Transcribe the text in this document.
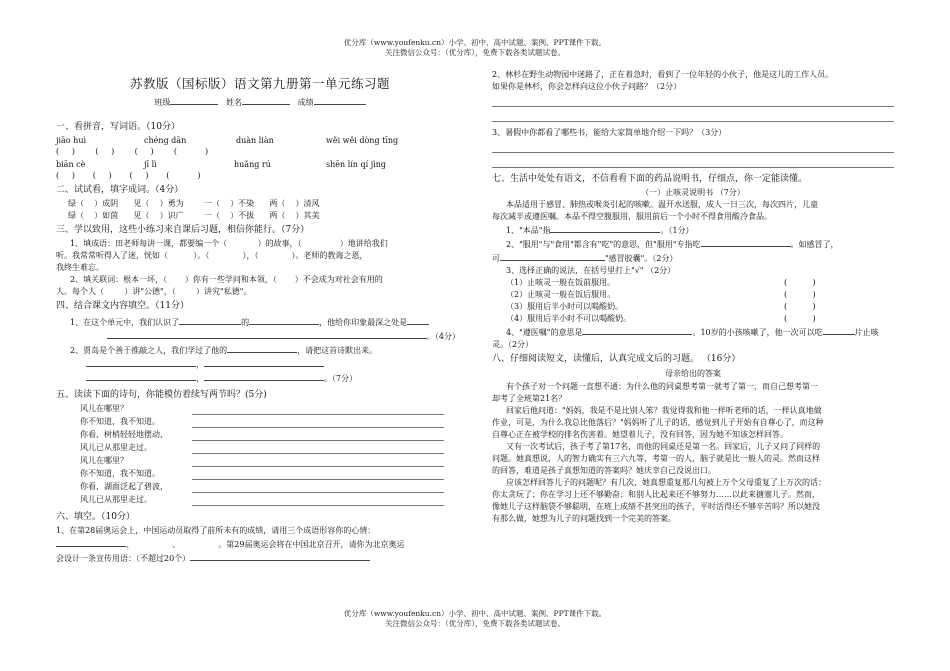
优分库（www.youfenku.cn）小学、初中、高中试题、案例、PPT课件下载。
关注微信公众号：（优分库），免费下载各类试题试卷。
苏教版（国标版）语文第九册第一单元练习题
班级	姓名	成绩
一、看拼音，写词语。（10分）
jiāo huì	chéng dān	duàn liàn	wěi wěi dòng tīng
(     )        (     )        (     )        (           )
biān cè	jī lì	huǎng rú	shēn lín qí jìng
(     )       (     )       (     )       (           )
二、试试看，填字成词。（4分）
绿（    ）成阴      见（    ）勇为        一（    ）不染      两（    ）清风
绿（    ）如茵      见（    ）识广        一（    ）不拔      两（    ）其美
三、学以致用，这些小练习来自课后习题，相信你能行。（7分）
1、填成语：田老师每讲一课，都要编一个（            ）的故事，（               ）地讲给我们
听。我常常听得入了迷，恍如（          ）。（             ），（             ）。老师的教诲之恩，
我终生难忘。
2、填关联词：根本一坏，（       ）你有一些学问和本领，（       ）不会成为对社会有用的
人。每个人（        ）讲"公德"，（        ）讲究"私德"。
四、结合课文内容填空。（11分）
1、在这个单元中，我们认识了	的	，他给你印象最深之处是
。（4分）
2、贾岛是个善于推敲之人，我们学过了他的	，请把这首诗默出来。
，
，	。（7分）
五、读读下面的诗句，你能模仿着续写两节吗？(5分)
风儿在哪里？
你不知道，我不知道。
你看，树梢轻轻地摆动，
风儿已从那里走过。
风儿在哪里？
你不知道，我不知道。
你看，湖面泛起了碧波，
风儿已从那里走过。
六、填空。（10分）
1、在第28届奥运会上，中国运动员取得了前所未有的成绩，请用三个成语形容你的心情：
、               、               。第29届奥运会将在中国北京召开，请你为北京奥运
会设计一条宣传用语：（不超过20个）
2、林杉在野生动物园中迷路了，正在着急时，看到了一位年轻的小伙子，他是这儿的工作人员。
如果你是林杉，你会怎样向这位小伙子问路？（2分）
3、暑假中你都看了哪些书，能给大家简单地介绍一下吗？（3分）
七、生活中处处有语文，不信看看下面的药品说明书，仔细点，你一定能读懂。
（一）止咳灵说明书 （7分）
本品适用于感冒、肺热或喉炎引起的咳嗽。温开水送服，成人一日三次，每次四片，儿童
每次减半或遵医嘱。本品不得空腹服用，服用前后一个小时不得食用酸冷食品。
1、"本品"指	。（1分）
2、"服用"与"食用"都含有"吃"的意思，但"服用"专指吃	。如感冒了，
可	"感冒胶囊"。（2分）
3、选择正确的说法，在括号里打上"√" （2分）
（1）止咳灵一般在饭前服用。	(          )
（2）止咳灵一般在饭后服用。	(          )
（3）服用后半小时可以喝酸奶。	(          )
（4）服用后半小时不可以喝酸奶。	(          )
4、"遵医嘱"的意思是	。10岁的小孩咳嗽了，他一次可以吃	片止咳
灵。（2分）
八、仔细阅读短文，读懂后，认真完成文后的习题。 （16分）
母亲给出的答案
有个孩子对一个问题一直想不通：为什么他的同桌想考第一就考了第一，而自己想考第一
却考了全班第21名？
回家后他问道："妈妈，我是不是比别人笨？我觉得我和他一样听老师的话，一样认真地做
作业，可是，为什么我总比他落后？"妈妈听了儿子的话，感觉到儿子开始有自尊心了，而这种
自尊心正在被学校的排名伤害着。她望着儿子，没有回答，因为她不知该怎样回答。
又有一次考试后，孩子考了第17名，而他的同桌还是第一名。回家后，儿子又问了同样的
问题。她真想说，人的智力确实有三六九等，考第一的人，脑子就是比一般人的灵。然而这样
的回答，难道是孩子真想知道的答案吗？她庆幸自己没说出口。
应该怎样回答儿子的问题呢？有几次，她真想重复那几句被上万个父母重复了上万次的话：
你太贪玩了；你在学习上还不够勤奋；和别人比起来还不够努力……以此来搪塞儿子。然而，
像她儿子这样脑袋不够聪明，在班上成绩不甚突出的孩子，平时活得还不够辛苦吗？所以她没
有那么做，她想为儿子的问题找到一个完美的答案。
优分库（www.youfenku.cn）小学、初中、高中试题、案例、PPT课件下载。
关注微信公众号：（优分库），免费下载各类试题试卷。
